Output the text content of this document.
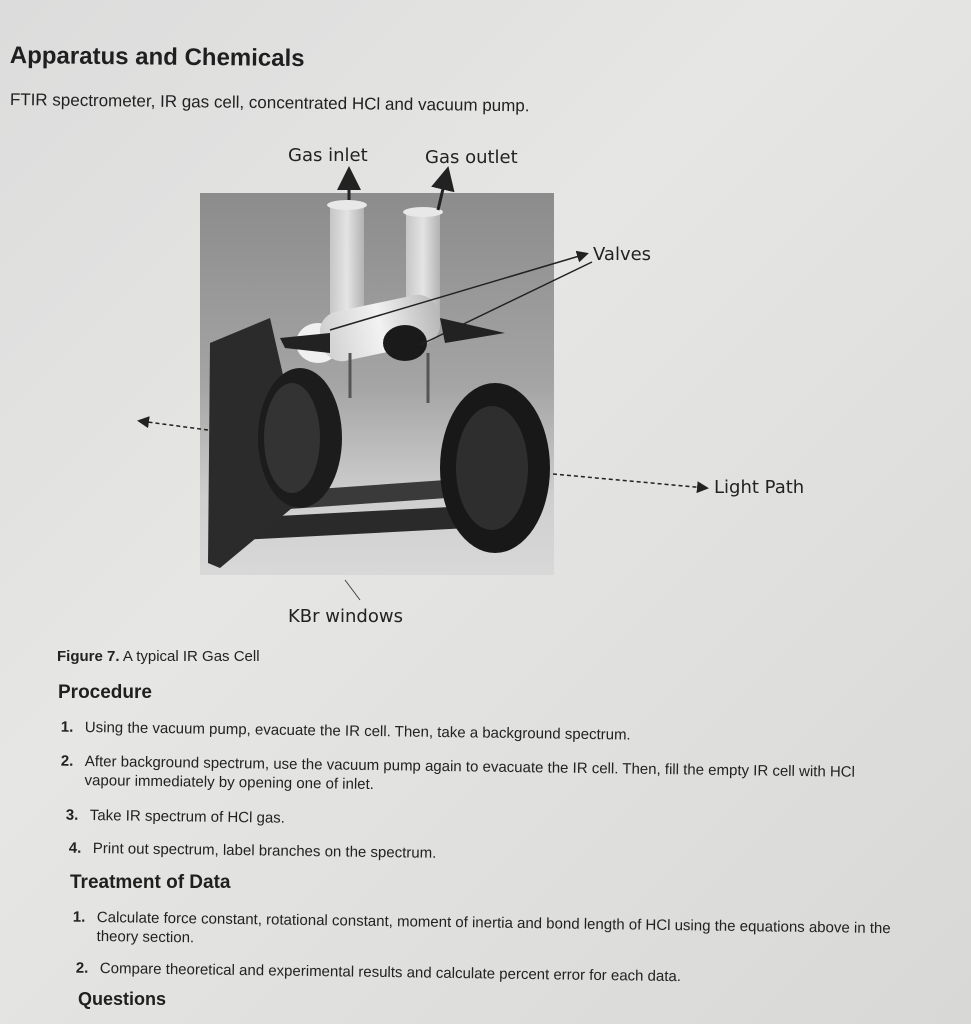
Apparatus and Chemicals

FTIR spectrometer, IR gas cell, concentrated HCl and vacuum pump.

Gas inlet	Gas outlet

Valves

Light Path

KBr windows

Figure 7. A typical IR Gas Cell

Procedure
1. Using the vacuum pump, evacuate the IR cell. Then, take a background spectrum.
2. After background spectrum, use the vacuum pump again to evacuate the IR cell. Then, fill the empty IR cell with HCl vapour immediately by opening one of inlet.
3. Take IR spectrum of HCl gas.
4. Print out spectrum, label branches on the spectrum.
Treatment of Data
1. Calculate force constant, rotational constant, moment of inertia and bond length of HCl using the equations above in the theory section.
2. Compare theoretical and experimental results and calculate percent error for each data.
Questions
